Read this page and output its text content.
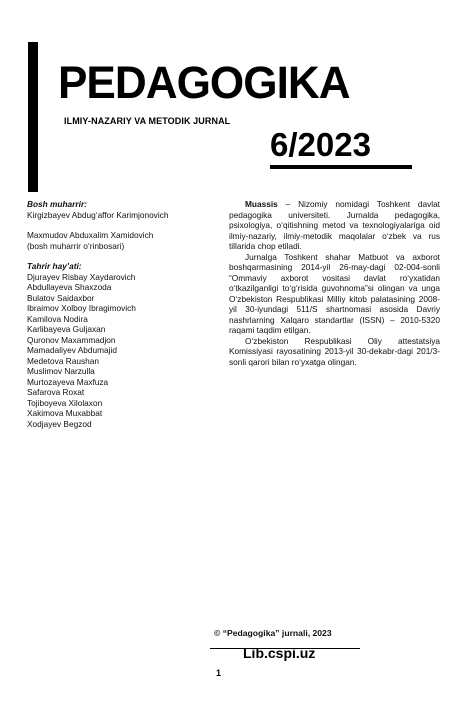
PEDAGOGIKA
ILMIY-NAZARIY VA METODIK JURNAL
6/2023
Bosh muharrir:
Kirgizbayev Abdug‘affor Karimjonovich
Maxmudov Abduxalim Xamidovich
(bosh muharrir o‘rinbosari)
Tahrir hay’ati:
Djurayev Risbay Xaydarovich
Abdullayeva Shaxzoda
Bulatov Saidaxbor
Ibraimov Xolboy Ibragimovich
Kamilova Nodira
Karlibayeva Guljaxan
Quronov Maxammadjon
Mamadaliyev Abdumajid
Medetova Raushan
Muslimov Narzulla
Murtozayeva Maxfuza
Safarova Roxat
Tojiboyeva Xilolaxon
Xakimova Muxabbat
Xodjayev Begzod

Muassis – Nizomiy nomidagi Toshkent davlat pedagogika universiteti. Jurnalda pedagogika, psixologiya, o‘qitishning metod va texnologiyalariga oid ilmiy-nazariy, ilmiy-metodik maqolalar o‘zbek va rus tillarida chop etiladi.

Jurnalga Toshkent shahar Matbuot va axborot boshqarmasining 2014-yil 26-may-dagi 02-004-sonli “Ommaviy axborot vositasi davlat ro‘yxatidan o‘tkazilganligi to‘g‘risida guvohnoma”si olingan va unga O‘zbekiston Respublikasi Milliy kitob palatasining 2008-yil 30-iyundagi 511/S shartnomasi asosida Davriy nashrlarning Xalqaro standartlar (ISSN) – 2010-5320 raqami taqdim etilgan.

O‘zbekiston Respublikasi Oliy attestatsiya Komissiyasi rayosatining 2013-yil 30-dekabr-dagi 201/3-sonli qarori bilan ro‘yxatga olingan.

© “Pedagogika” jurnali, 2023
Lib.cspi.uz
1
